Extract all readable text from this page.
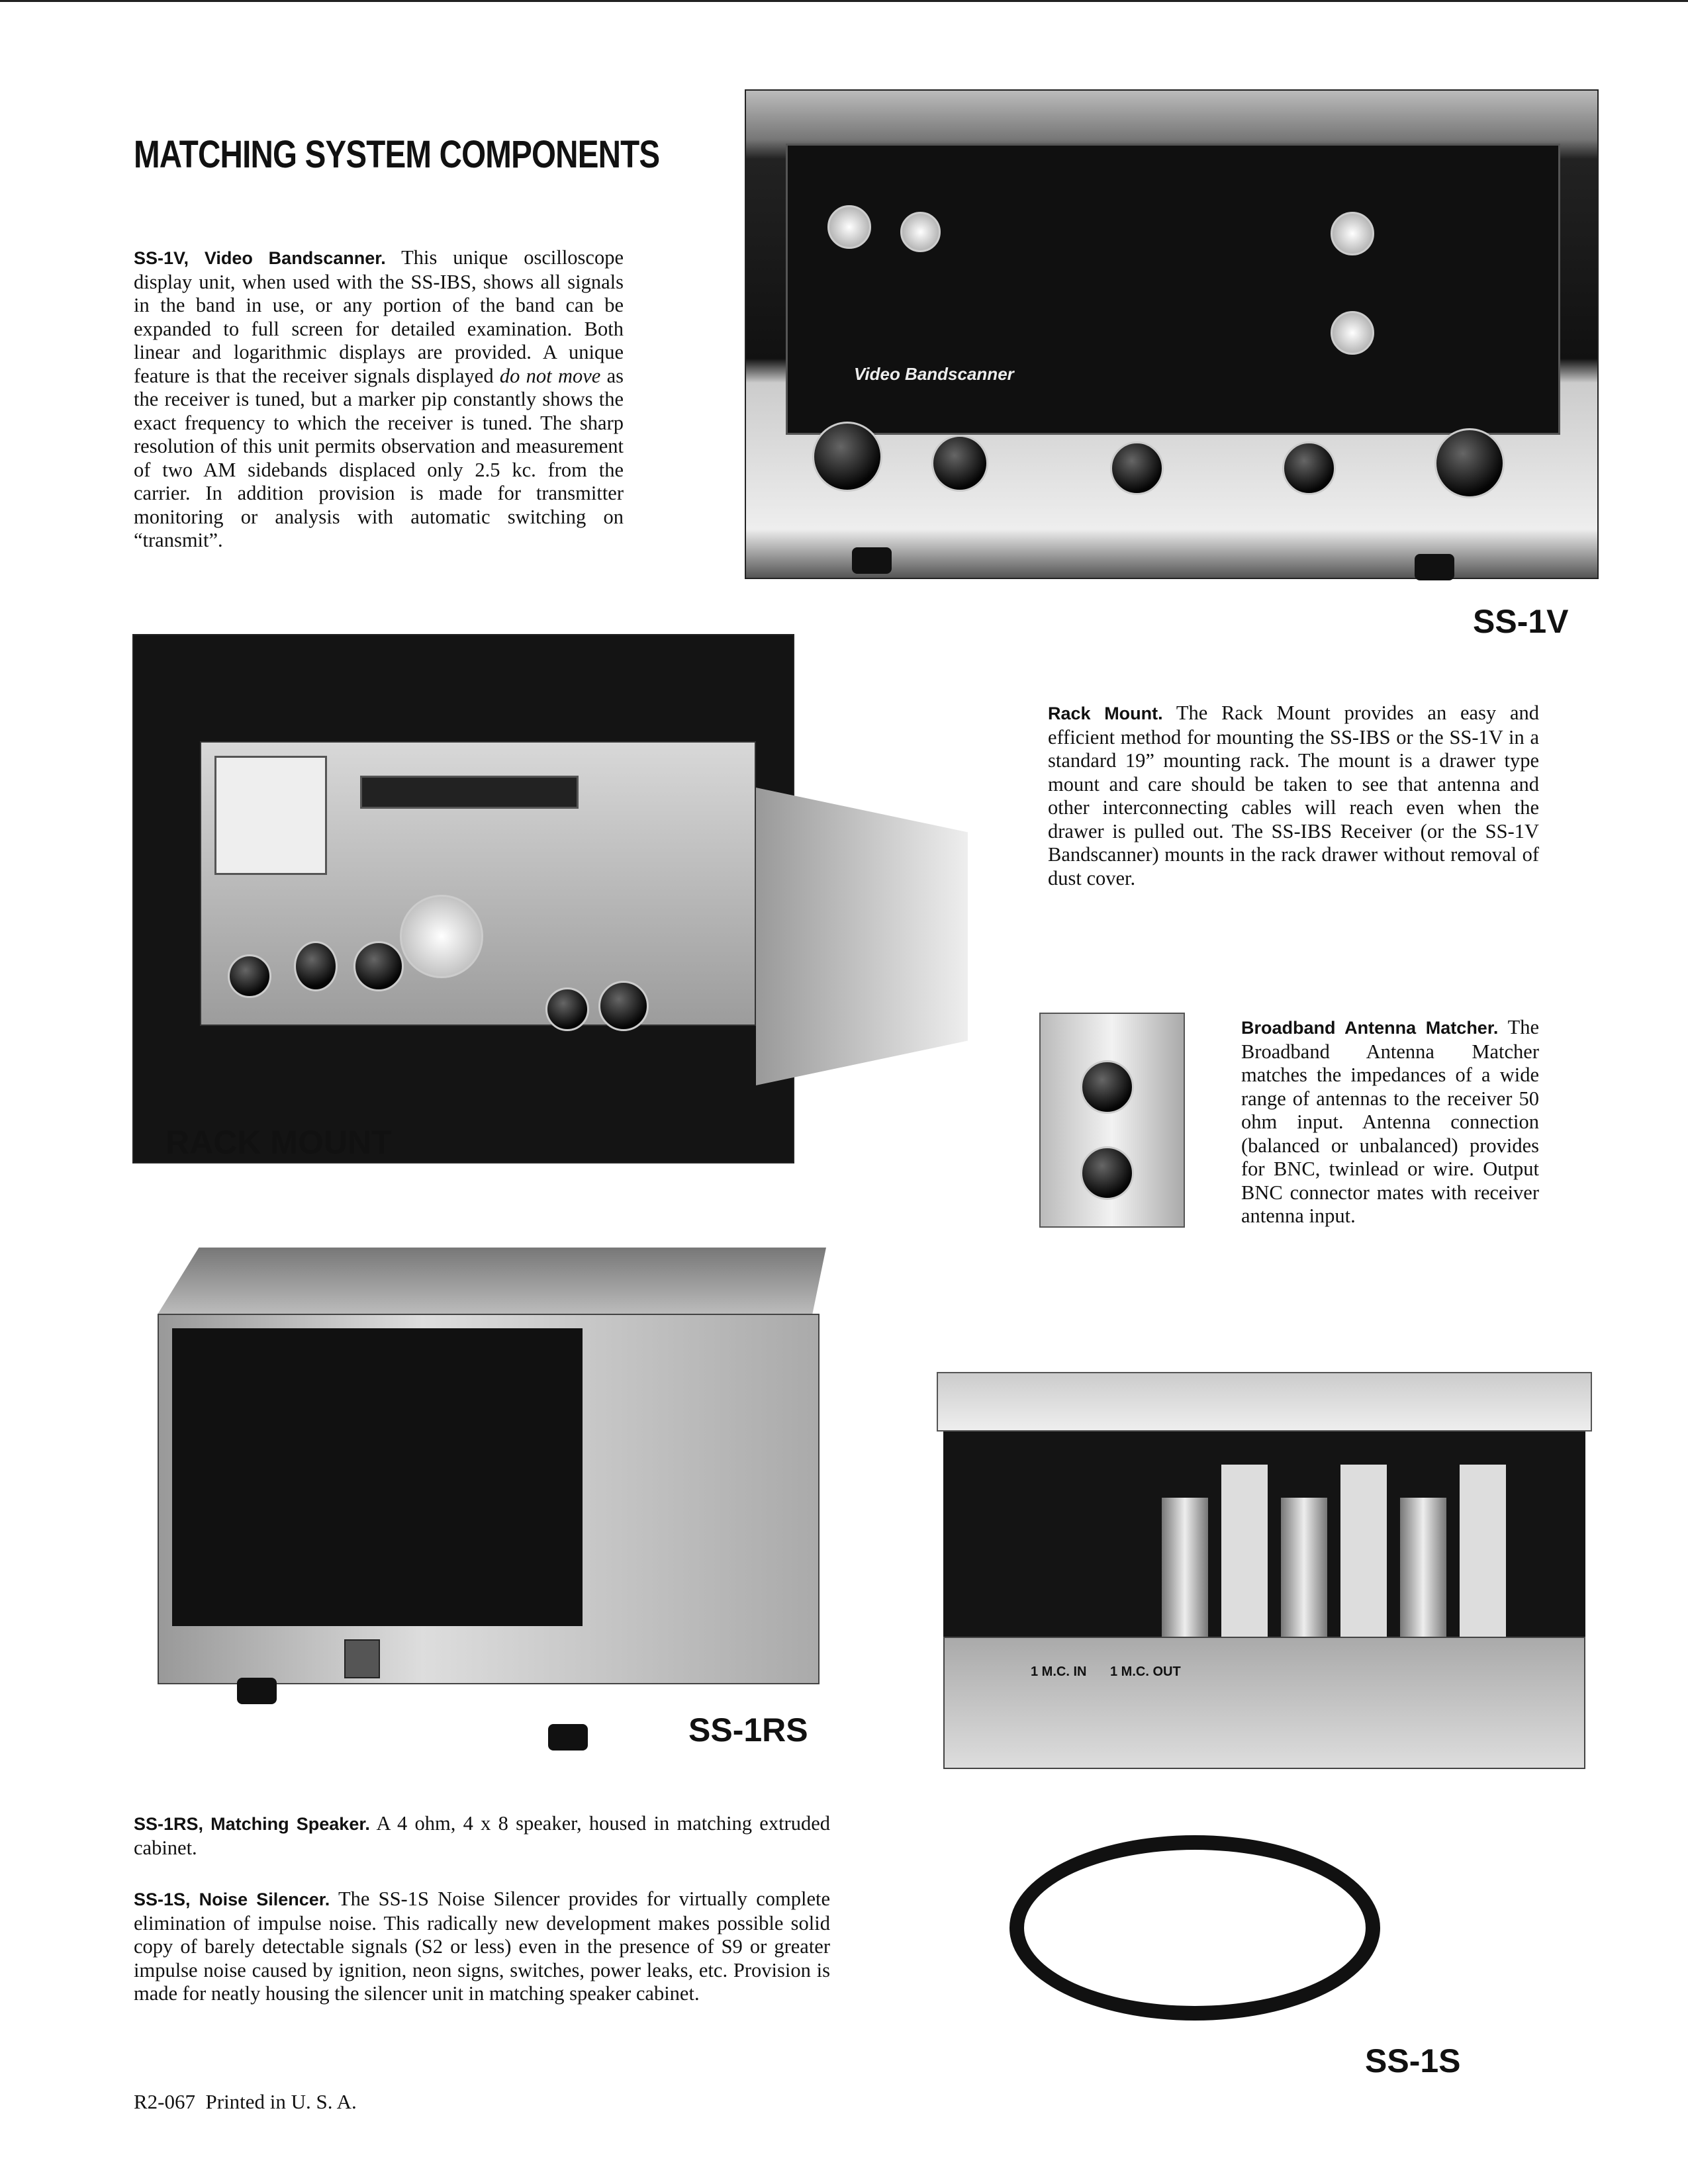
MATCHING SYSTEM COMPONENTS
SS-1V, Video Bandscanner. This unique oscilloscope display unit, when used with the SS-IBS, shows all signals in the band in use, or any portion of the band can be expanded to full screen for detailed examination. Both linear and logarithmic displays are provided. A unique feature is that the receiver signals displayed do not move as the receiver is tuned, but a marker pip constantly shows the exact frequency to which the receiver is tuned. The sharp resolution of this unit permits observation and measurement of two AM sidebands displaced only 2.5 kc. from the carrier. In addition provision is made for transmitter monitoring or analysis with automatic switching on “transmit”.
Video Bandscanner
SS-1V
RACK MOUNT
Rack Mount. The Rack Mount provides an easy and efficient method for mounting the SS-IBS or the SS-1V in a standard 19” mounting rack. The mount is a drawer type mount and care should be taken to see that antenna and other interconnecting cables will reach even when the drawer is pulled out. The SS-IBS Receiver (or the SS-1V Bandscanner) mounts in the rack drawer without removal of dust cover.
Broadband Antenna Matcher. The Broadband Antenna Matcher matches the impedances of a wide range of antennas to the receiver 50 ohm input. Antenna connection (balanced or unbalanced) provides for BNC, twinlead or wire. Output BNC connector mates with receiver antenna input.
SS-1RS
SS-1RS, Matching Speaker. A 4 ohm, 4 x 8 speaker, housed in matching extruded cabinet.
SS-1S, Noise Silencer. The SS-1S Noise Silencer provides for virtually complete elimination of impulse noise. This radically new development makes possible solid copy of barely detectable signals (S2 or less) even in the presence of S9 or greater impulse noise caused by ignition, neon signs, switches, power leaks, etc. Provision is made for neatly housing the silencer unit in matching speaker cabinet.
1 M.C. IN 1 M.C. OUT
SS-1S
R2-067  Printed in U. S. A.
